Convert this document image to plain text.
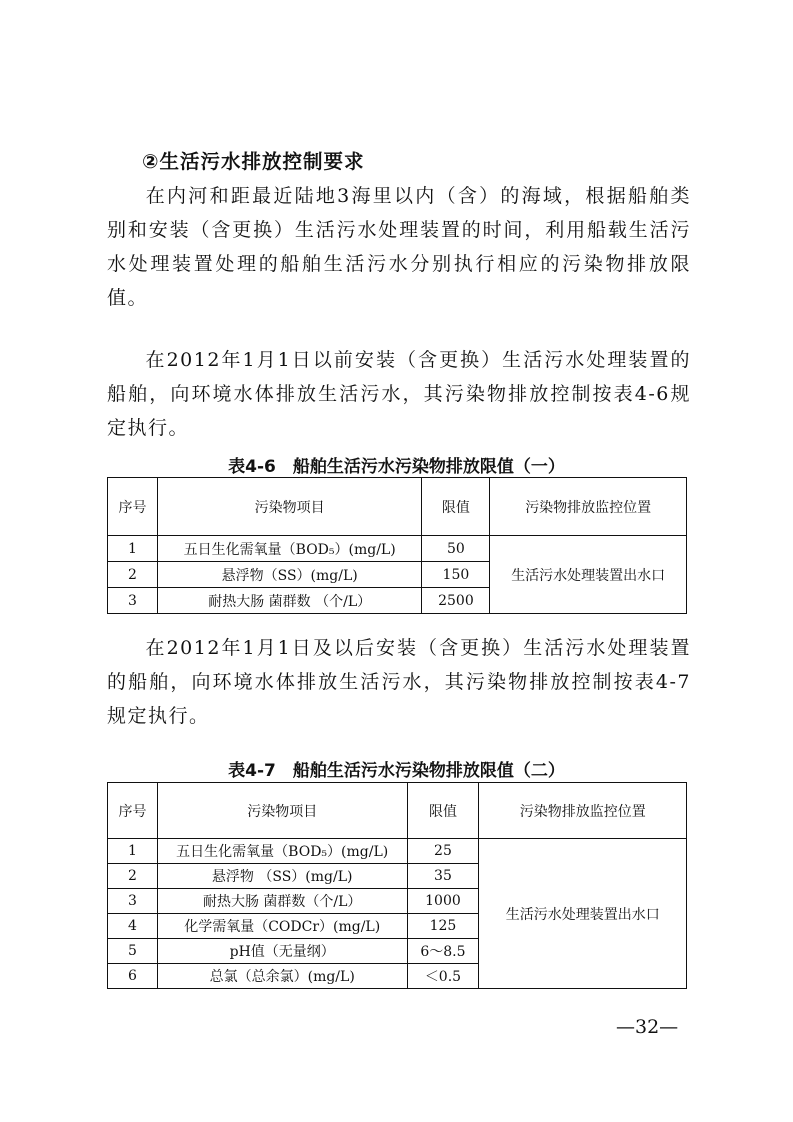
②生活污水排放控制要求
在内河和距最近陆地3海里以内（含）的海域，根据船舶类别和安装（含更换）生活污水处理装置的时间，利用船载生活污水处理装置处理的船舶生活污水分别执行相应的污染物排放限值。
在2012年1月1日以前安装（含更换）生活污水处理装置的船舶，向环境水体排放生活污水，其污染物排放控制按表4-6规定执行。
表4-6　船舶生活污水污染物排放限值（一）
序号	污染物项目	限值	污染物排放监控位置
1	五日生化需氧量（BOD₅）(mg/L)	50	生活污水处理装置出水口
2	悬浮物（SS）(mg/L)	150	
3	耐热大肠 菌群数 （个/L）	2500	
在2012年1月1日及以后安装（含更换）生活污水处理装置的船舶，向环境水体排放生活污水，其污染物排放控制按表4-7规定执行。
表4-7　船舶生活污水污染物排放限值（二）
序号	污染物项目	限值	污染物排放监控位置
1	五日生化需氧量（BOD₅）(mg/L)	25	生活污水处理装置出水口
2	悬浮物 （SS）(mg/L)	35	
3	耐热大肠 菌群数（个/L）	1000	
4	化学需氧量（CODCr）(mg/L)	125	
5	pH值（无量纲）	6～8.5	
6	总氯（总余氯）(mg/L)	＜0.5	
—32—
